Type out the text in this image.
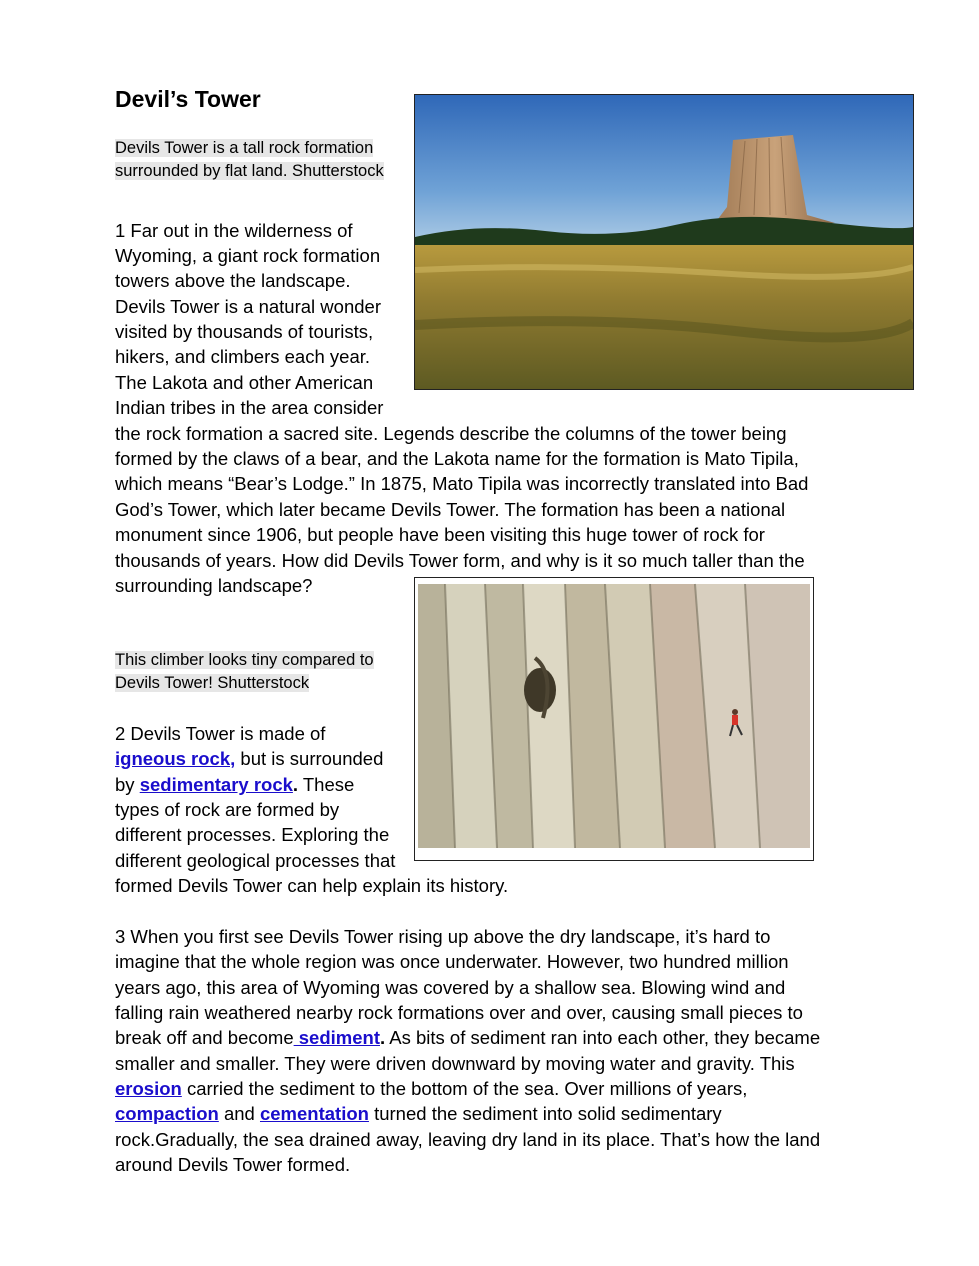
Devil’s Tower
Devils Tower is a tall rock formation
surrounded by flat land. Shutterstock
1 Far out in the wilderness of
Wyoming, a giant rock formation
towers above the landscape.
Devils Tower is a natural wonder
visited by thousands of tourists,
hikers, and climbers each year.
The Lakota and other American
Indian tribes in the area consider
the rock formation a sacred site. Legends describe the columns of the tower being
formed by the claws of a bear, and the Lakota name for the formation is Mato Tipila,
which means “Bear’s Lodge.” In 1875, Mato Tipila was incorrectly translated into Bad
God’s Tower, which later became Devils Tower. The formation has been a national
monument since 1906, but people have been visiting this huge tower of rock for
thousands of years. How did Devils Tower form, and why is it so much taller than the
surrounding landscape?
This climber looks tiny compared to
Devils Tower! Shutterstock
2 Devils Tower is made of
igneous rock, but is surrounded
by sedimentary rock. These
types of rock are formed by
different processes. Exploring the
different geological processes that
formed Devils Tower can help explain its history.
3 When you first see Devils Tower rising up above the dry landscape, it’s hard to
imagine that the whole region was once underwater. However, two hundred million
years ago, this area of Wyoming was covered by a shallow sea. Blowing wind and
falling rain weathered nearby rock formations over and over, causing small pieces to
break off and become sediment. As bits of sediment ran into each other, they became
smaller and smaller. They were driven downward by moving water and gravity. This
erosion carried the sediment to the bottom of the sea. Over millions of years,
compaction and cementation turned the sediment into solid sedimentary
rock.Gradually, the sea drained away, leaving dry land in its place. That’s how the land
around Devils Tower formed.
